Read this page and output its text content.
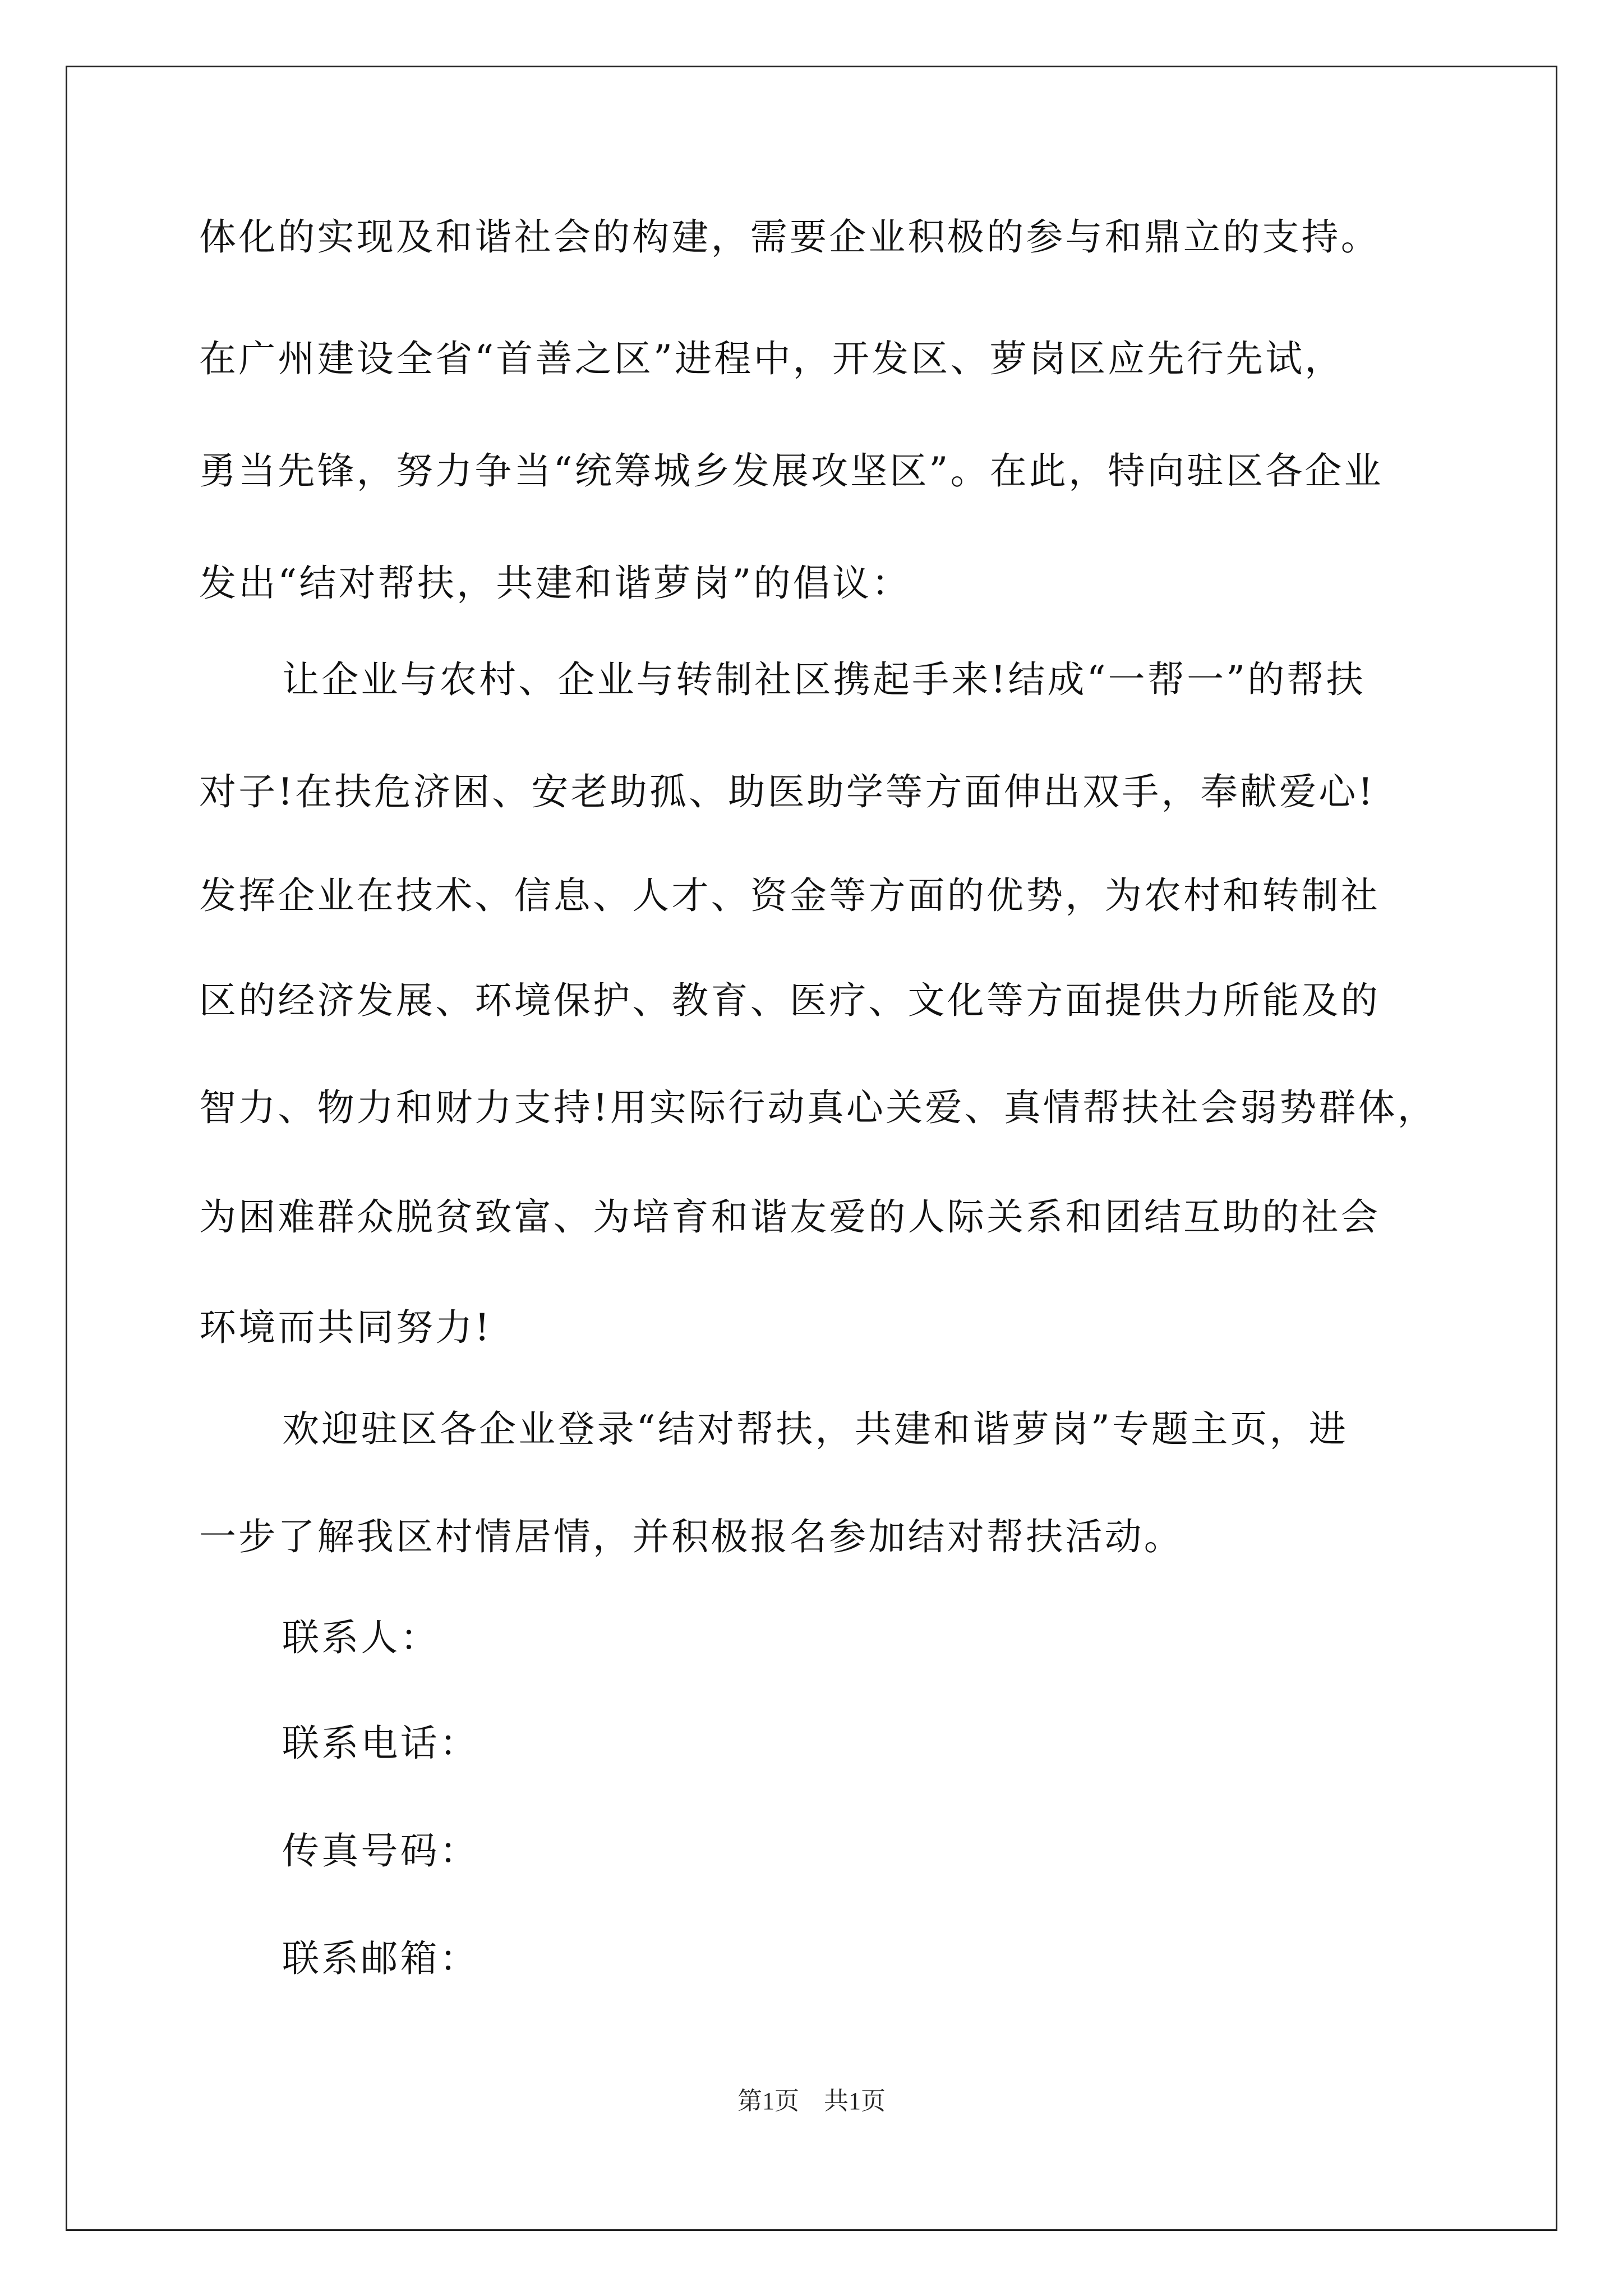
体化的实现及和谐社会的构建，需要企业积极的参与和鼎立的支持。
在广州建设全省“首善之区”进程中，开发区、萝岗区应先行先试，
勇当先锋，努力争当“统筹城乡发展攻坚区”。在此，特向驻区各企业
发出“结对帮扶，共建和谐萝岗”的倡议：
让企业与农村、企业与转制社区携起手来!结成“一帮一”的帮扶
对子!在扶危济困、安老助孤、助医助学等方面伸出双手，奉献爱心!
发挥企业在技术、信息、人才、资金等方面的优势，为农村和转制社
区的经济发展、环境保护、教育、医疗、文化等方面提供力所能及的
智力、物力和财力支持!用实际行动真心关爱、真情帮扶社会弱势群体，
为困难群众脱贫致富、为培育和谐友爱的人际关系和团结互助的社会
环境而共同努力!
欢迎驻区各企业登录“结对帮扶，共建和谐萝岗”专题主页，进
一步了解我区村情居情，并积极报名参加结对帮扶活动。
联系人：
联系电话：
传真号码：
联系邮箱：
第1页 共1页
